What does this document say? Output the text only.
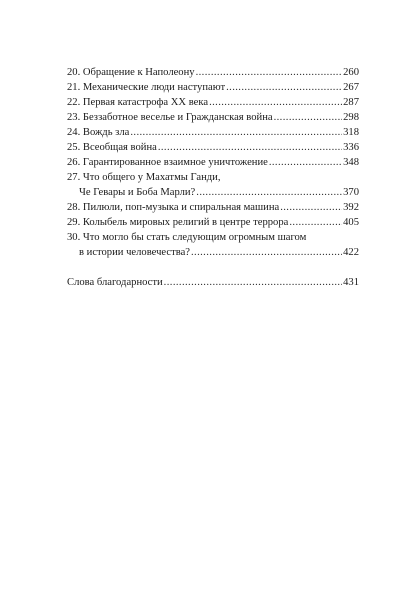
20. Обращение к Наполеону .....	260
21. Механические люди наступают .....	267
22. Первая катастрофа XX века .....	287
23. Беззаботное веселье и Гражданская война .....	298
24. Вождь зла .....	318
25. Всеобщая война .....	336
26. Гарантированное взаимное уничтожение .....	348
27. Что общего у Махатмы Ганди,
Че Гевары и Боба Марли? .....	370
28. Пилюли, поп-музыка и спиральная машина .....	392
29. Колыбель мировых религий в центре террора .....	405
30. Что могло бы стать следующим огромным шагом
в истории человечества? .....	422
Слова благодарности .....	431
